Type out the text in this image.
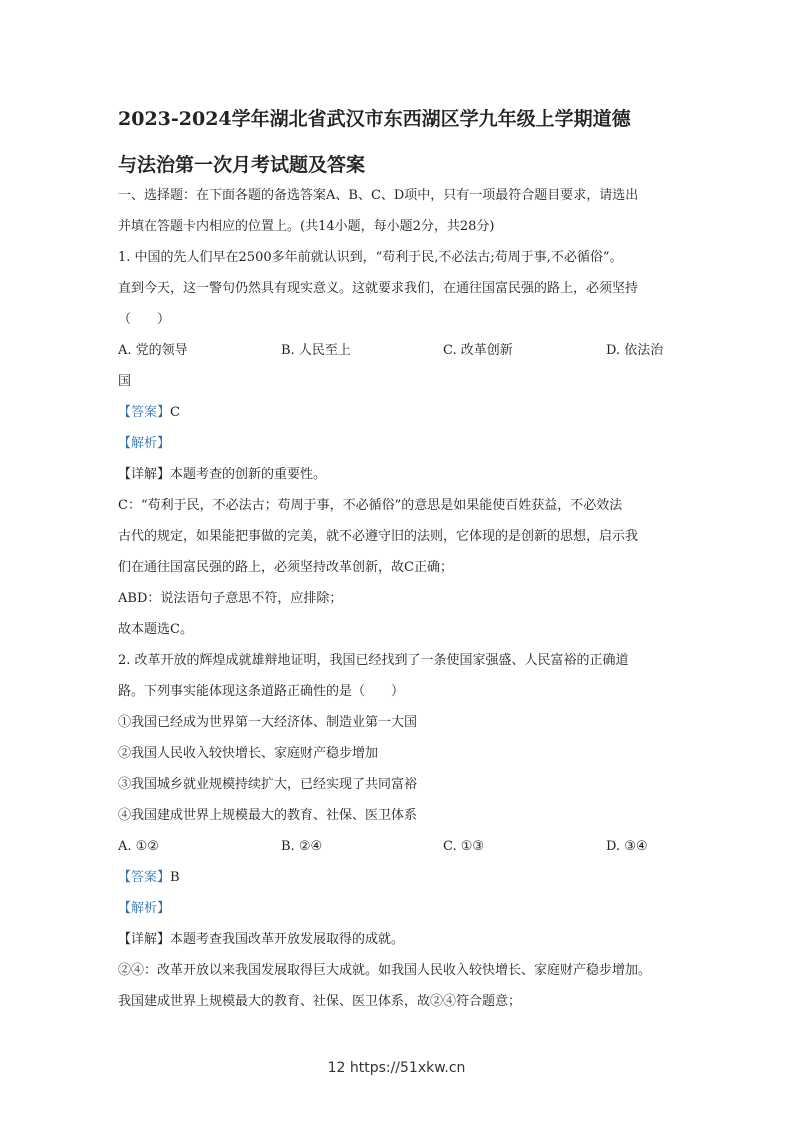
2023-2024学年湖北省武汉市东西湖区学九年级上学期道德
与法治第一次月考试题及答案
一、选择题：在下面各题的备选答案A、B、C、D项中，只有一项最符合题目要求，请选出
并填在答题卡内相应的位置上。(共14小题，每小题2分，共28分)
1. 中国的先人们早在2500多年前就认识到，“苟利于民,不必法古;苟周于事,不必循俗”。
直到今天，这一警句仍然具有现实意义。这就要求我们，在通往国富民强的路上，必须坚持
（　　）
A. 党的领导	B. 人民至上	C. 改革创新	D. 依法治
国
【答案】C
【解析】
【详解】本题考查的创新的重要性。
C：“苟利于民，不必法古；苟周于事，不必循俗”的意思是如果能使百姓获益，不必效法
古代的规定，如果能把事做的完美，就不必遵守旧的法则，它体现的是创新的思想，启示我
们在通往国富民强的路上，必须坚持改革创新，故C正确；
ABD：说法语句子意思不符，应排除；
故本题选C。
2. 改革开放的辉煌成就雄辩地证明，我国已经找到了一条使国家强盛、人民富裕的正确道
路。下列事实能体现这条道路正确性的是（　　）
①我国已经成为世界第一大经济体、制造业第一大国
②我国人民收入较快增长、家庭财产稳步增加
③我国城乡就业规模持续扩大，已经实现了共同富裕
④我国建成世界上规模最大的教育、社保、医卫体系
A. ①②	B. ②④	C. ①③	D. ③④
【答案】B
【解析】
【详解】本题考查我国改革开放发展取得的成就。
②④：改革开放以来我国发展取得巨大成就。如我国人民收入较快增长、家庭财产稳步增加。
我国建成世界上规模最大的教育、社保、医卫体系，故②④符合题意；
12 https://51xkw.cn
